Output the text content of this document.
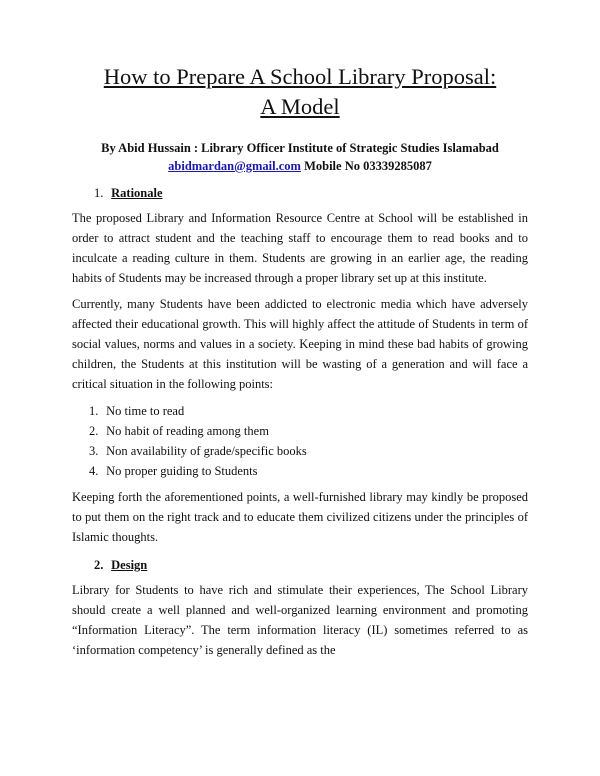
How to Prepare A School Library Proposal:
A Model
By Abid Hussain : Library Officer Institute of Strategic Studies Islamabad
abidmardan@gmail.com Mobile No 03339285087
1. Rationale

The proposed Library and Information Resource Centre at School will be established in order to attract student and the teaching staff to encourage them to read books and to inculcate a reading culture in them. Students are growing in an earlier age, the reading habits of Students may be increased through a proper library set up at this institute.

Currently, many Students have been addicted to electronic media which have adversely affected their educational growth. This will highly affect the attitude of Students in term of social values, norms and values in a society. Keeping in mind these bad habits of growing children, the Students at this institution will be wasting of a generation and will face a critical situation in the following points:

1. No time to read
2. No habit of reading among them
3. Non availability of grade/specific books
4. No proper guiding to Students

Keeping forth the aforementioned points, a well-furnished library may kindly be proposed to put them on the right track and to educate them civilized citizens under the principles of Islamic thoughts.

2. Design

Library for Students to have rich and stimulate their experiences, The School Library should create a well planned and well-organized learning environment and promoting “Information Literacy”. The term information literacy (IL) sometimes referred to as ‘information competency’ is generally defined as the
